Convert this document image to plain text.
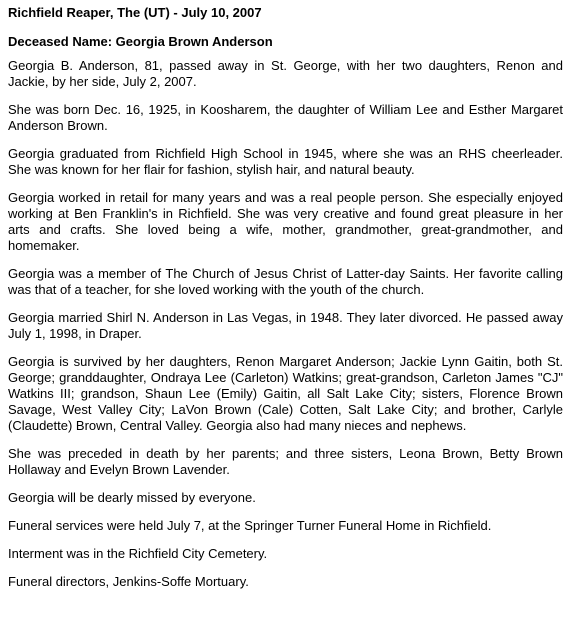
Richfield Reaper, The (UT) - July 10, 2007

Deceased Name: Georgia Brown Anderson

Georgia B. Anderson, 81, passed away in St. George, with her two daughters, Renon and Jackie, by her side, July 2, 2007.

She was born Dec. 16, 1925, in Koosharem, the daughter of William Lee and Esther Margaret Anderson Brown.

Georgia graduated from Richfield High School in 1945, where she was an RHS cheerleader. She was known for her flair for fashion, stylish hair, and natural beauty.

Georgia worked in retail for many years and was a real people person. She especially enjoyed working at Ben Franklin's in Richfield. She was very creative and found great pleasure in her arts and crafts. She loved being a wife, mother, grandmother, great-grandmother, and homemaker.

Georgia was a member of The Church of Jesus Christ of Latter-day Saints. Her favorite calling was that of a teacher, for she loved working with the youth of the church.

Georgia married Shirl N. Anderson in Las Vegas, in 1948. They later divorced. He passed away July 1, 1998, in Draper.

Georgia is survived by her daughters, Renon Margaret Anderson; Jackie Lynn Gaitin, both St. George; granddaughter, Ondraya Lee (Carleton) Watkins; great-grandson, Carleton James "CJ" Watkins III; grandson, Shaun Lee (Emily) Gaitin, all Salt Lake City; sisters, Florence Brown Savage, West Valley City; LaVon Brown (Cale) Cotten, Salt Lake City; and brother, Carlyle (Claudette) Brown, Central Valley. Georgia also had many nieces and nephews.

She was preceded in death by her parents; and three sisters, Leona Brown, Betty Brown Hollaway and Evelyn Brown Lavender.

Georgia will be dearly missed by everyone.

Funeral services were held July 7, at the Springer Turner Funeral Home in Richfield.

Interment was in the Richfield City Cemetery.

Funeral directors, Jenkins-Soffe Mortuary.
